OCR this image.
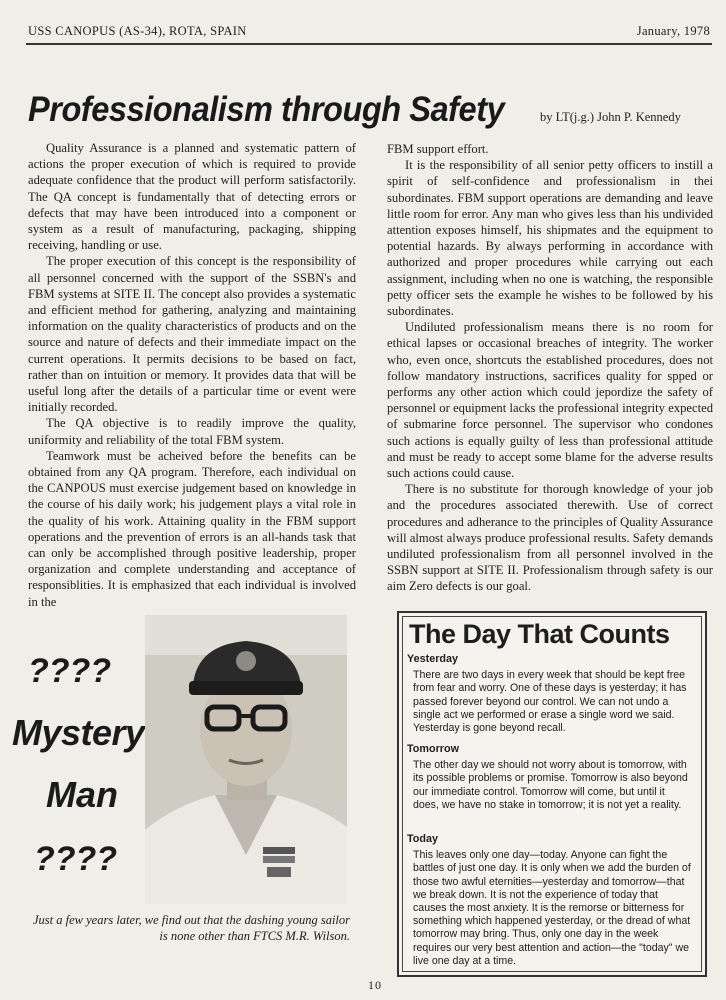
USS CANOPUS (AS-34), ROTA, SPAIN	January, 1978
Professionalism through Safety	by LT(j.g.) John P. Kennedy

Quality Assurance is a planned and systematic pattern of actions the proper execution of which is required to provide adequate confidence that the product will perform satisfactorily. The QA concept is fundamentally that of detecting errors or defects that may have been introduced into a component or system as a result of manufacturing, packaging, shipping receiving, handling or use.

The proper execution of this concept is the responsibility of all personnel concerned with the support of the SSBN's and FBM systems at SITE II. The concept also provides a systematic and efficient method for gathering, analyzing and maintaining information on the quality characteristics of products and on the source and nature of defects and their immediate impact on the current operations. It permits decisions to be based on fact, rather than on intuition or memory. It provides data that will be useful long after the details of a particular time or event were initially recorded.

The QA objective is to readily improve the quality, uniformity and reliability of the total FBM system.

Teamwork must be acheived before the benefits can be obtained from any QA program. Therefore, each individual on the CANPOUS must exercise judgement based on knowledge in the course of his daily work; his judgement plays a vital role in the quality of his work. Attaining quality in the FBM support operations and the prevention of errors is an all-hands task that can only be accomplished through positive leadership, proper organization and complete understanding and acceptance of responsiblities. It is emphasized that each individual is involved in the

FBM support effort.

It is the responsibility of all senior petty officers to instill a spirit of self-confidence and professionalism in thei subordinates. FBM support operations are demanding and leave little room for error. Any man who gives less than his undivided attention exposes himself, his shipmates and the equipment to potential hazards. By always performing in accordance with authorized and proper procedures while carrying out each assignment, including when no one is watching, the responsible petty officer sets the example he wishes to be followed by his subordinates.

Undiluted professionalism means there is no room for ethical lapses or occasional breaches of integrity. The worker who, even once, shortcuts the established procedures, does not follow mandatory instructions, sacrifices quality for spped or performs any other action which could jepordize the safety of personnel or equipment lacks the professional integrity expected of submarine force personnel. The supervisor who condones such actions is equally guilty of less than professional attitude and must be ready to accept some blame for the adverse results such actions could cause.

There is no substitute for thorough knowledge of your job and the procedures associated therewith. Use of correct procedures and adherance to the principles of Quality Assurance will almost always produce professional results. Safety demands undiluted professionalism from all personnel involved in the SSBN support at SITE II. Professionalism through safety is our aim Zero defects is our goal.

????
Mystery
Man
????
Just a few years later, we find out that the dashing young sailor is none other than FTCS M.R. Wilson.
The Day That Counts
Yesterday
There are two days in every week that should be kept free from fear and worry. One of these days is yesterday; it has passed forever beyond our control. We can not undo a single act we performed or erase a single word we said. Yesterday is gone beyond recall.
Tomorrow
The other day we should not worry about is tomorrow, with its possible problems or promise. Tomorrow is also beyond our immediate control. Tomorrow will come, but until it does, we have no stake in tomorrow; it is not yet a reality.
Today
This leaves only one day—today. Anyone can fight the battles of just one day. It is only when we add the burden of those two awful eternities—yesterday and tomorrow—that we break down. It is not the experience of today that causes the most anxiety. It is the remorse or bitterness for something which happened yesterday, or the dread of what tomorrow may bring. Thus, only one day in the week requires our very best attention and action—the "today" we live one day at a time.
10
